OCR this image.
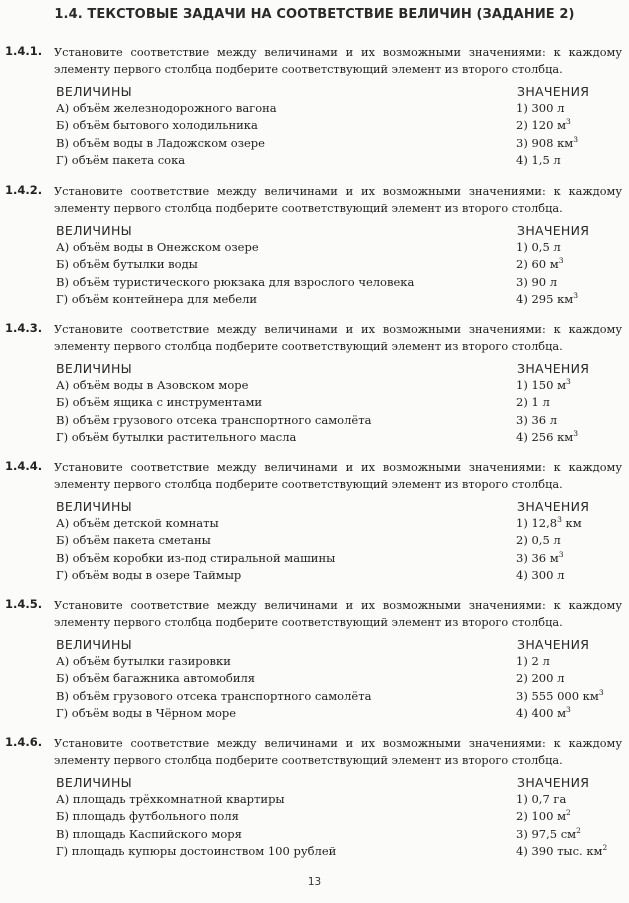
1.4. ТЕКСТОВЫЕ ЗАДАЧИ НА СООТВЕТСТВИЕ ВЕЛИЧИН (ЗАДАНИЕ 2)
1.4.1. Установите соответствие между величинами и их возможными значениями: к каждому элементу первого столбца подберите соответствующий элемент из второго столбца.
ВЕЛИЧИНЫ	ЗНАЧЕНИЯ
А) объём железнодорожного вагона	1) 300 л
Б) объём бытового холодильника	2) 120 $м^3$
В) объём воды в Ладожском озере	3) 908 $км^3$
Г) объём пакета сока	4) 1,5 л
1.4.2. Установите соответствие между величинами и их возможными значениями: к каждому элементу первого столбца подберите соответствующий элемент из второго столбца.
ВЕЛИЧИНЫ	ЗНАЧЕНИЯ
А) объём воды в Онежском озере	1) 0,5 л
Б) объём бутылки воды	2) 60 $м^3$
В) объём туристического рюкзака для взрослого человека	3) 90 л
Г) объём контейнера для мебели	4) 295 $км^3$
1.4.3. Установите соответствие между величинами и их возможными значениями: к каждому элементу первого столбца подберите соответствующий элемент из второго столбца.
ВЕЛИЧИНЫ	ЗНАЧЕНИЯ
А) объём воды в Азовском море	1) 150 $м^3$
Б) объём ящика с инструментами	2) 1 л
В) объём грузового отсека транспортного самолёта	3) 36 л
Г) объём бутылки растительного масла	4) 256 $км^3$
1.4.4. Установите соответствие между величинами и их возможными значениями: к каждому элементу первого столбца подберите соответствующий элемент из второго столбца.
ВЕЛИЧИНЫ	ЗНАЧЕНИЯ
А) объём детской комнаты	1) 12,8$^3$ км
Б) объём пакета сметаны	2) 0,5 л
В) объём коробки из-под стиральной машины	3) 36 $м^3$
Г) объём воды в озере Таймыр	4) 300 л
1.4.5. Установите соответствие между величинами и их возможными значениями: к каждому элементу первого столбца подберите соответствующий элемент из второго столбца.
ВЕЛИЧИНЫ	ЗНАЧЕНИЯ
А) объём бутылки газировки	1) 2 л
Б) объём багажника автомобиля	2) 200 л
В) объём грузового отсека транспортного самолёта	3) 555 000 $км^3$
Г) объём воды в Чёрном море	4) 400 $м^3$
1.4.6. Установите соответствие между величинами и их возможными значениями: к каждому элементу первого столбца подберите соответствующий элемент из второго столбца.
ВЕЛИЧИНЫ	ЗНАЧЕНИЯ
А) площадь трёхкомнатной квартиры	1) 0,7 га
Б) площадь футбольного поля	2) 100 $м^2$
В) площадь Каспийского моря	3) 97,5 $см^2$
Г) площадь купюры достоинством 100 рублей	4) 390 тыс. $км^2$
13
